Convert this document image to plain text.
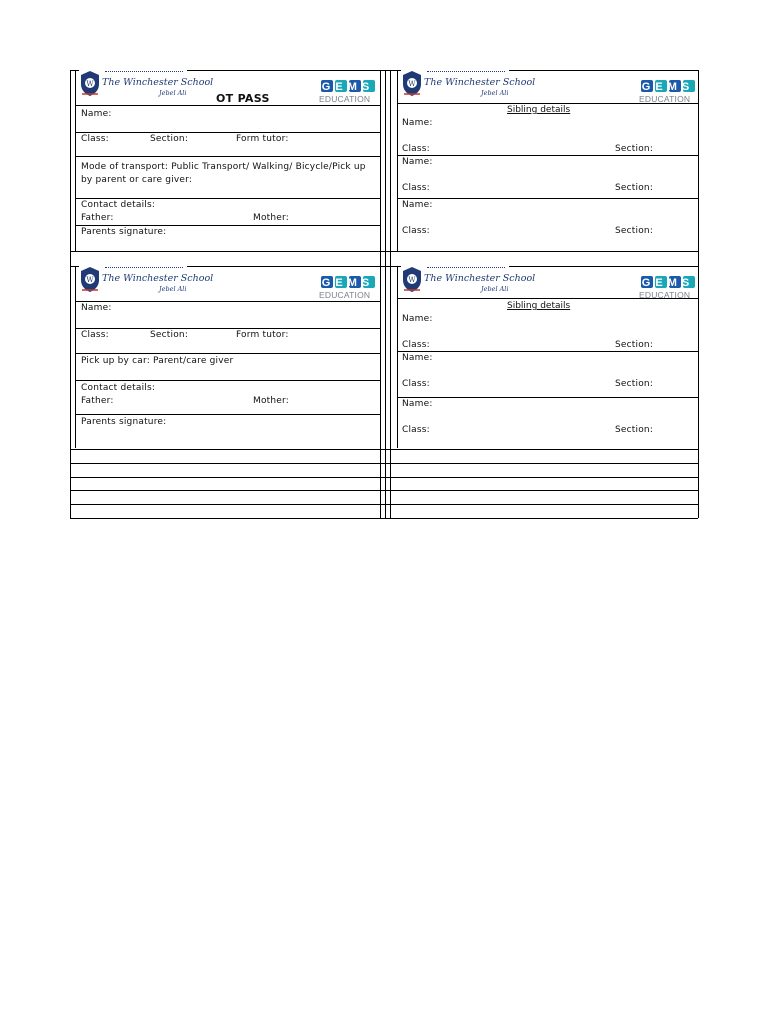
W The Winchester School
Jebel Ali
W The Winchester School
Jebel Ali
W The Winchester School
Jebel Ali
W The Winchester School
Jebel Ali
GEMS
EDUCATION
GEMS
EDUCATION
GEMS
EDUCATION
GEMS
EDUCATION
OT PASS
Name:
Class:	Section:	Form tutor:
Mode of transport: Public Transport/ Walking/ Bicycle/Pick up by parent or care giver:
Contact details:
Father:	Mother:
Parents signature:
Sibling details
Name:
Class:	Section:
Name:
Class:	Section:
Name:
Class:	Section:
Name:
Class:	Section:	Form tutor:
Pick up by car: Parent/care giver
Contact details:
Father:	Mother:
Parents signature:
Sibling details
Name:
Class:	Section:
Name:
Class:	Section:
Name:
Class:	Section:
